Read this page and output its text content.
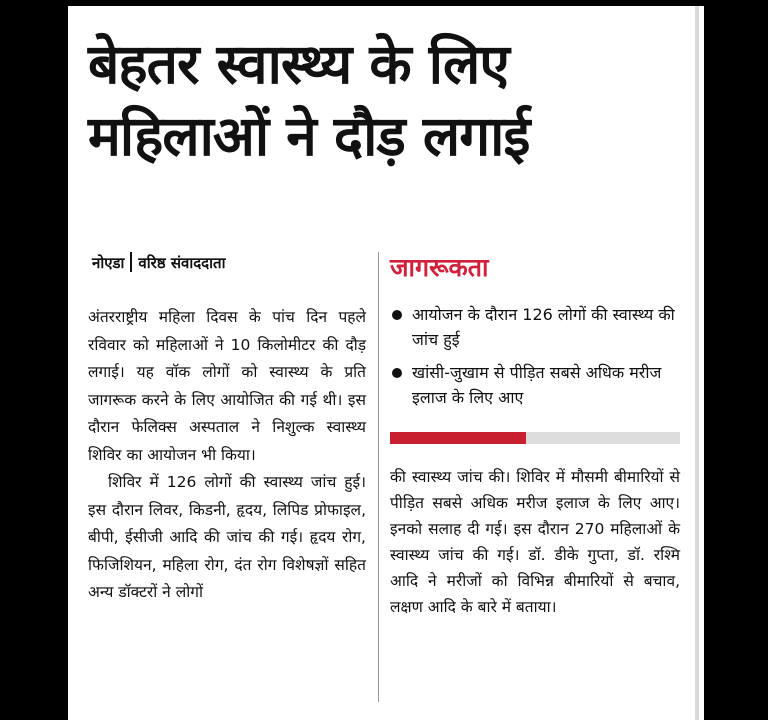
बेहतर स्वास्थ्य के लिए
महिलाओं ने दौड़ लगाई
नोएडा वरिष्ठ संवाददाता

अंतरराष्ट्रीय महिला दिवस के पांच दिन पहले रविवार को महिलाओं ने 10 किलोमीटर की दौड़ लगाई। यह वॉक लोगों को स्वास्थ्य के प्रति जागरूक करने के लिए आयोजित की गई थी। इस दौरान फेलिक्स अस्पताल ने निशुल्क स्वास्थ्य शिविर का आयोजन भी किया।

शिविर में 126 लोगों की स्वास्थ्य जांच हुई। इस दौरान लिवर, किडनी, हृदय, लिपिड प्रोफाइल, बीपी, ईसीजी आदि की जांच की गई। हृदय रोग, फिजिशियन, महिला रोग, दंत रोग विशेषज्ञों सहित अन्य डॉक्टरों ने लोगों

जागरूकता
आयोजन के दौरान 126 लोगों की स्वास्थ्य की जांच हुई
खांसी-जुखाम से पीड़ित सबसे अधिक मरीज इलाज के लिए आए

की स्वास्थ्य जांच की। शिविर में मौसमी बीमारियों से पीड़ित सबसे अधिक मरीज इलाज के लिए आए। इनको सलाह दी गई। इस दौरान 270 महिलाओं के स्वास्थ्य जांच की गई। डॉ. डीके गुप्ता, डॉ. रश्मि आदि ने मरीजों को विभिन्न बीमारियों से बचाव, लक्षण आदि के बारे में बताया।
